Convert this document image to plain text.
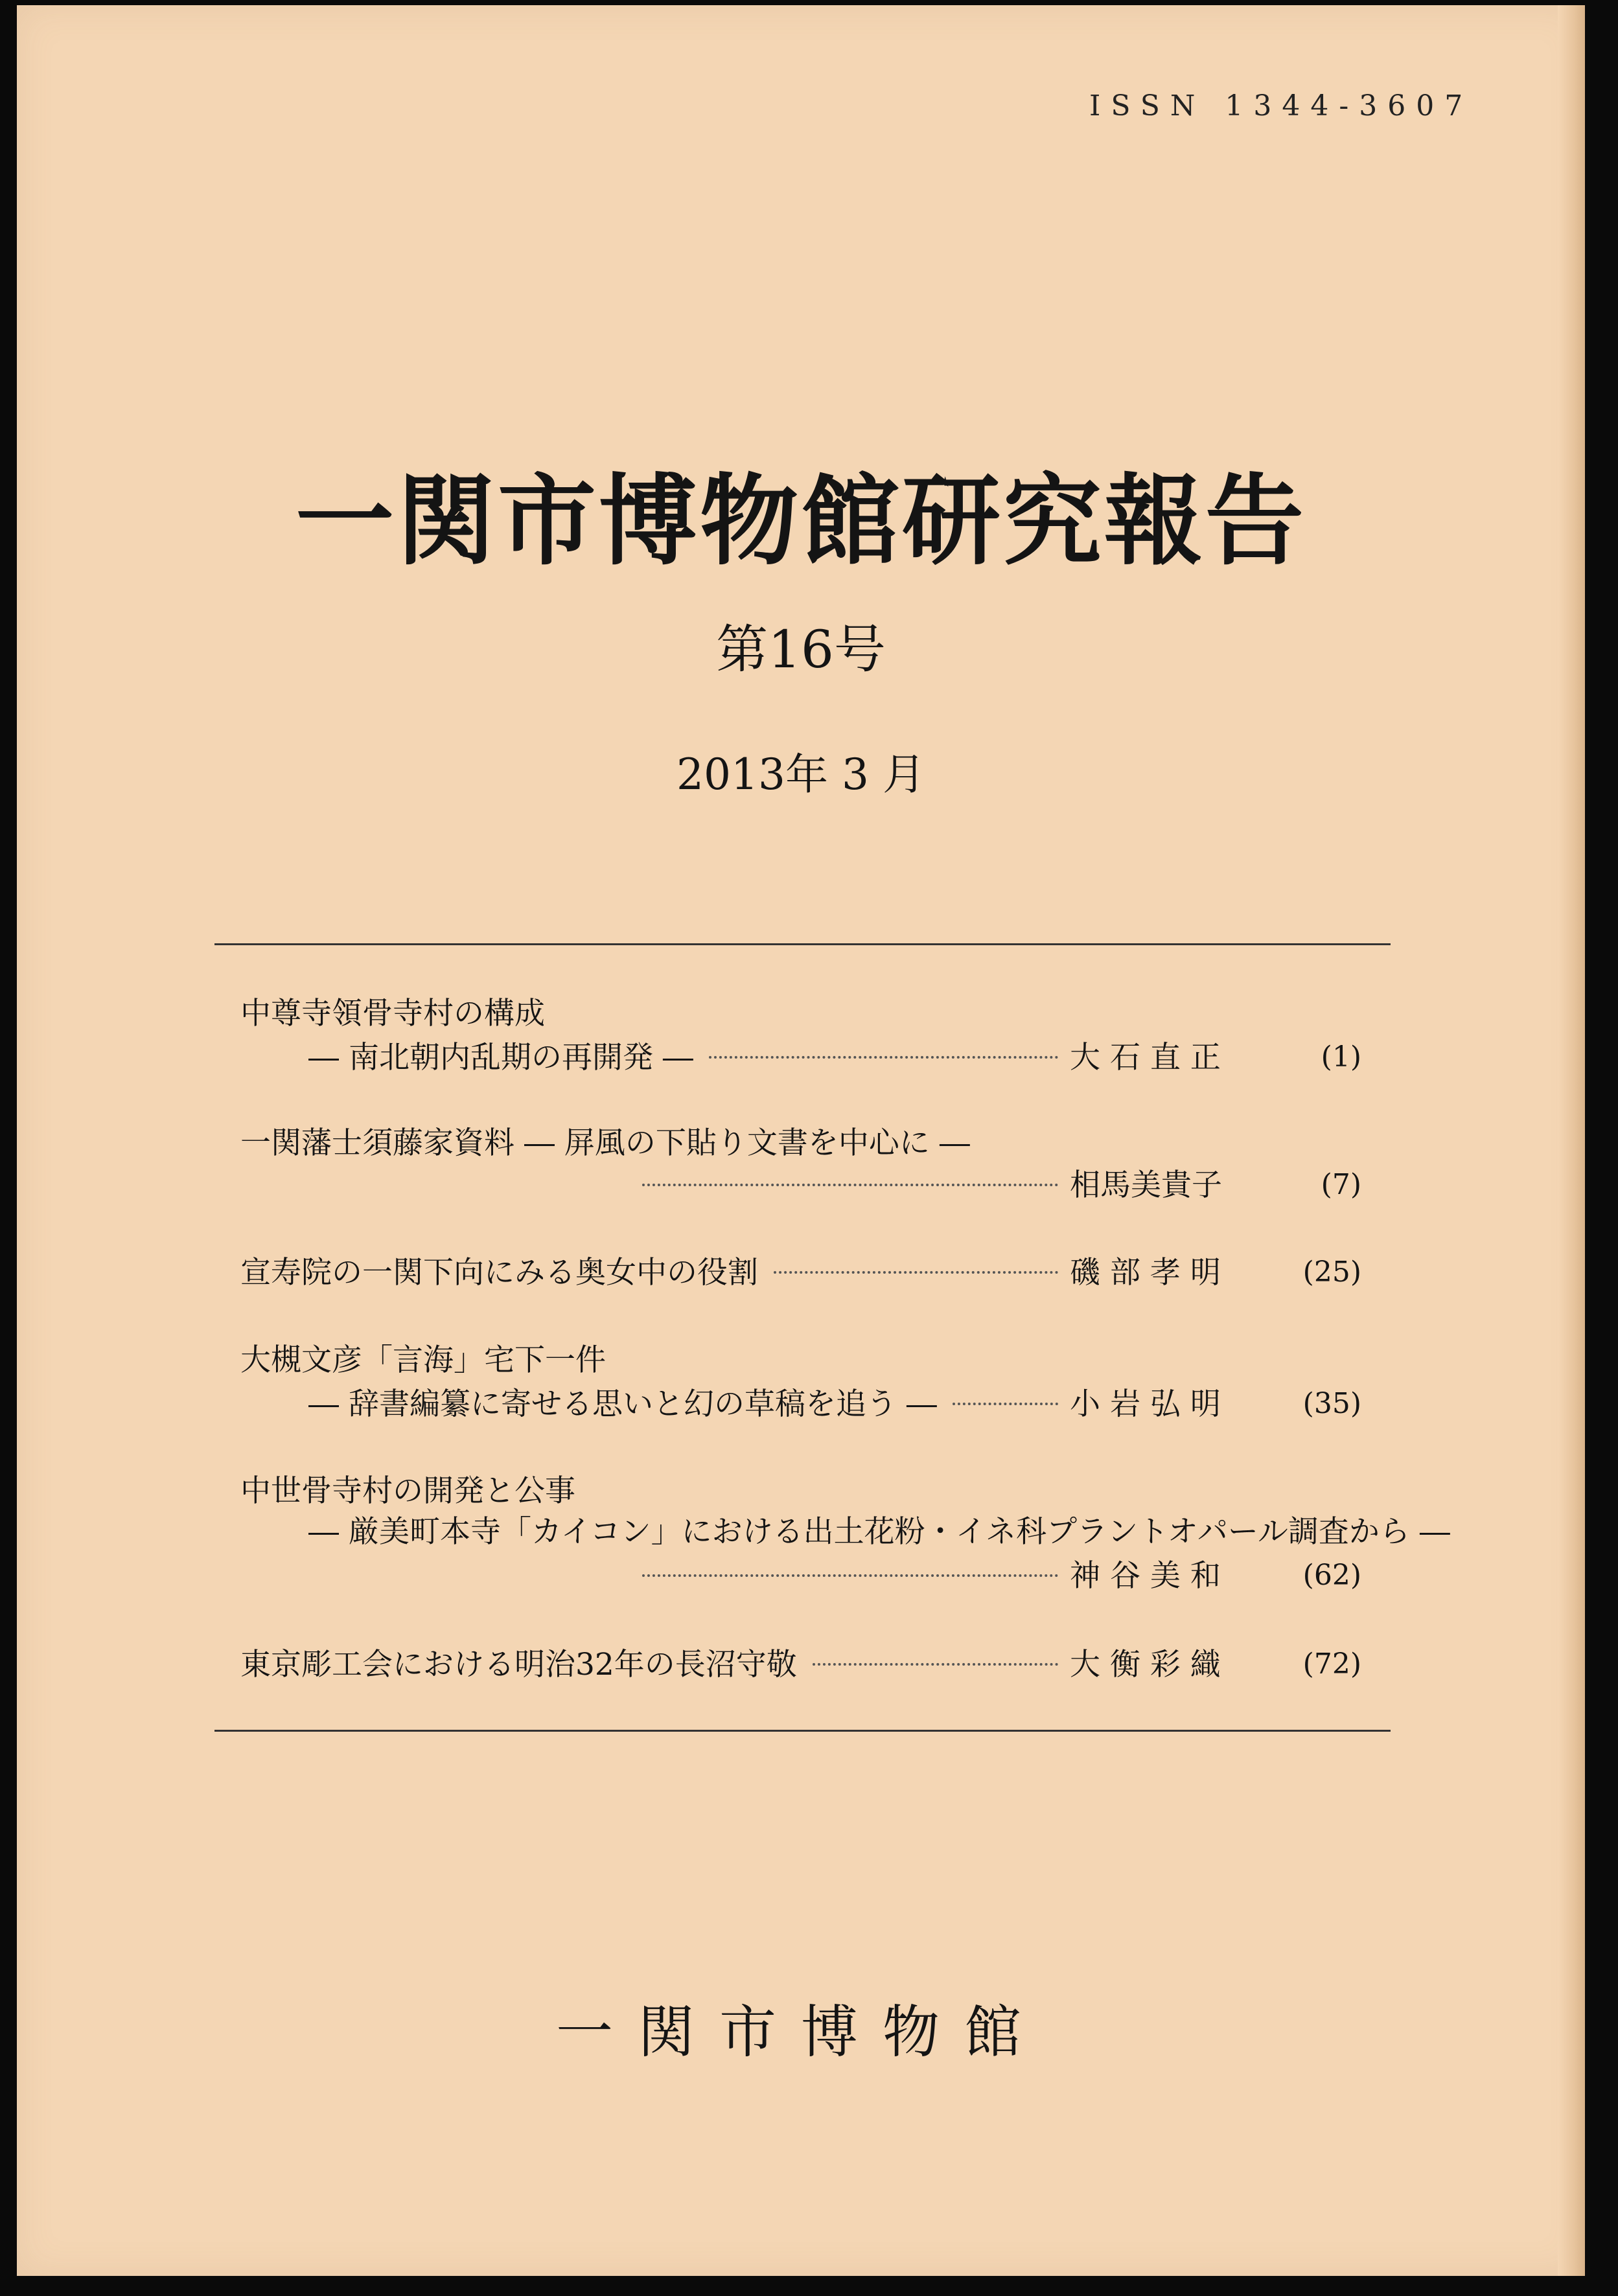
ISSN 1344-3607
一関市博物館研究報告
第16号
2013年 3 月
中尊寺領骨寺村の構成
― 南北朝内乱期の再開発 ―	大 石 直 正	(1)
一関藩士須藤家資料 ― 屏風の下貼り文書を中心に ―
相馬美貴子	(7)
宣寿院の一関下向にみる奥女中の役割	磯 部 孝 明	(25)
大槻文彦「言海」宅下一件
― 辞書編纂に寄せる思いと幻の草稿を追う ―	小 岩 弘 明	(35)
中世骨寺村の開発と公事
― 厳美町本寺「カイコン」における出土花粉・イネ科プラントオパール調査から ―
神 谷 美 和	(62)
東京彫工会における明治32年の長沼守敬	大 衡 彩 織	(72)
一関市博物館
